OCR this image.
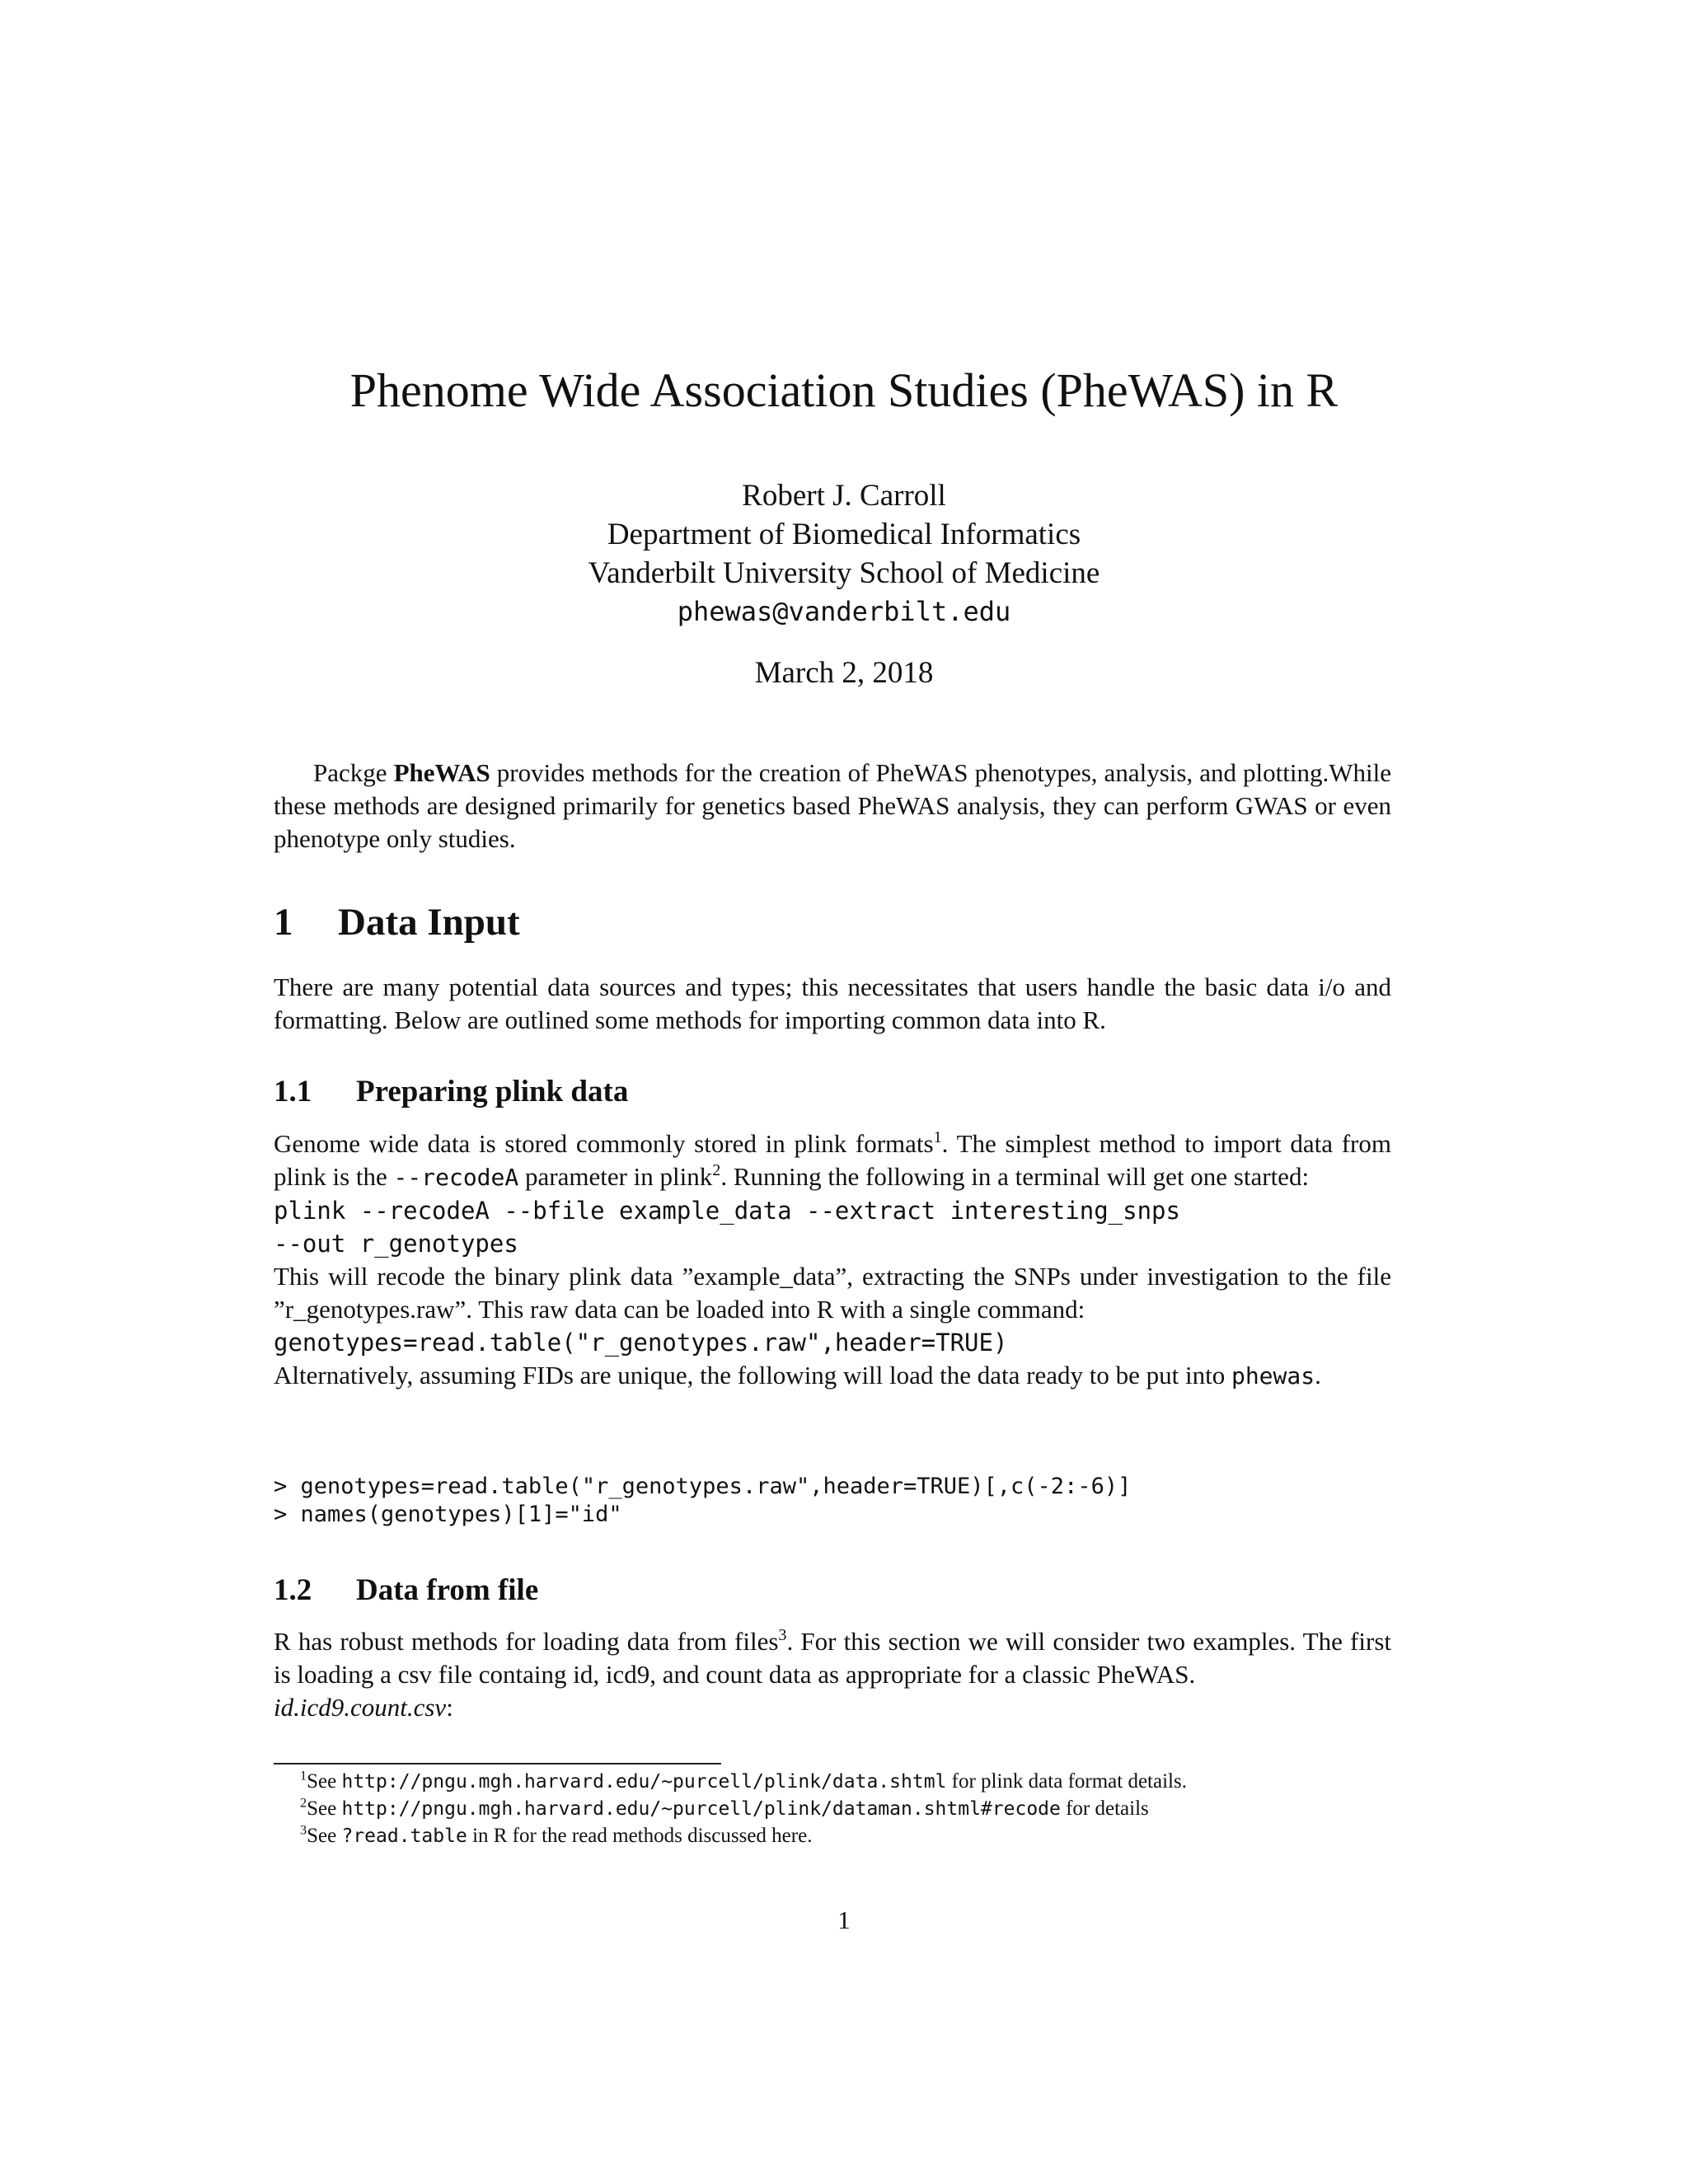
Phenome Wide Association Studies (PheWAS) in R
Robert J. Carroll
Department of Biomedical Informatics
Vanderbilt University School of Medicine
phewas@vanderbilt.edu
March 2, 2018

Packge PheWAS provides methods for the creation of PheWAS phenotypes, analysis, and plotting.While these methods are designed primarily for genetics based PheWAS analysis, they can perform GWAS or even phenotype only studies.

1 Data Input

There are many potential data sources and types; this necessitates that users handle the basic data i/o and formatting. Below are outlined some methods for importing common data into R.

1.1 Preparing plink data

Genome wide data is stored commonly stored in plink formats$^1$. The simplest method to import data from plink is the --recodeA parameter in plink$^2$. Running the following in a terminal will get one started:

plink --recodeA --bfile example_data --extract interesting_snps

--out r_genotypes

This will recode the binary plink data ”example_data”, extracting the SNPs under investigation to the file ”r_genotypes.raw”. This raw data can be loaded into R with a single command:

genotypes=read.table("r_genotypes.raw",header=TRUE)

Alternatively, assuming FIDs are unique, the following will load the data ready to be put into phewas.

> genotypes=read.table("r_genotypes.raw",header=TRUE)[,c(-2:-6)]
> names(genotypes)[1]="id"
1.2 Data from file

R has robust methods for loading data from files$^3$. For this section we will consider two examples. The first is loading a csv file containg id, icd9, and count data as appropriate for a classic PheWAS.

id.icd9.count.csv:

$^1$See http://pngu.mgh.harvard.edu/~purcell/plink/data.shtml for plink data format details.

$^2$See http://pngu.mgh.harvard.edu/~purcell/plink/dataman.shtml#recode for details

$^3$See ?read.table in R for the read methods discussed here.

1
